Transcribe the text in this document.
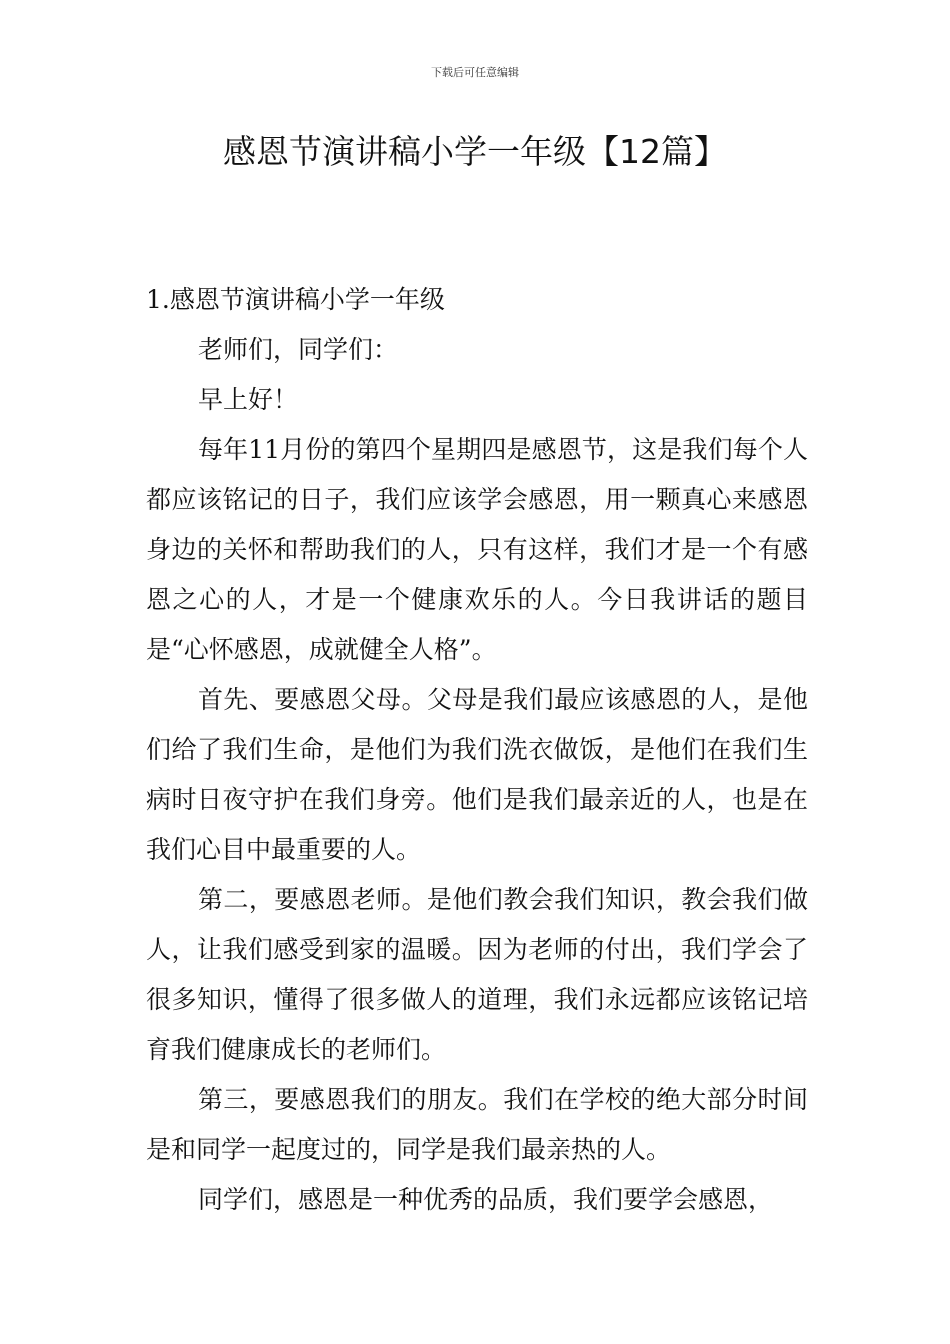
下载后可任意编辑
感恩节演讲稿小学一年级【12篇】

1.感恩节演讲稿小学一年级

老师们，同学们：

早上好！

每年11月份的第四个星期四是感恩节，这是我们每个人都应该铭记的日子，我们应该学会感恩，用一颗真心来感恩身边的关怀和帮助我们的人，只有这样，我们才是一个有感恩之心的人，才是一个健康欢乐的人。今日我讲话的题目是“心怀感恩，成就健全人格”。

首先、要感恩父母。父母是我们最应该感恩的人，是他们给了我们生命，是他们为我们洗衣做饭，是他们在我们生病时日夜守护在我们身旁。他们是我们最亲近的人，也是在我们心目中最重要的人。

第二，要感恩老师。是他们教会我们知识，教会我们做人，让我们感受到家的温暖。因为老师的付出，我们学会了很多知识，懂得了很多做人的道理，我们永远都应该铭记培育我们健康成长的老师们。

第三，要感恩我们的朋友。我们在学校的绝大部分时间是和同学一起度过的，同学是我们最亲热的人。

同学们，感恩是一种优秀的品质，我们要学会感恩，
